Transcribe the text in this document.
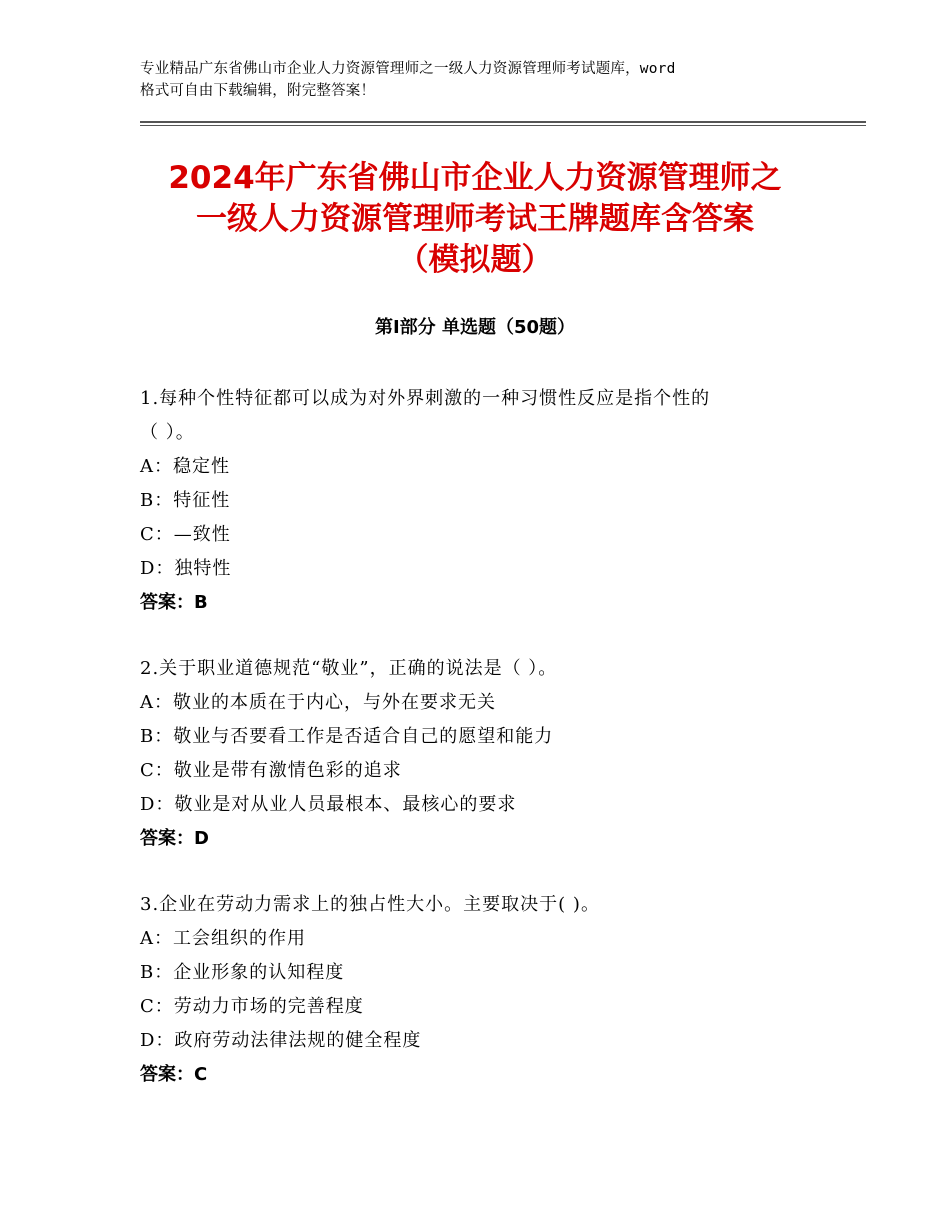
专业精品广东省佛山市企业人力资源管理师之一级人力资源管理师考试题库，word
格式可自由下载编辑，附完整答案！
2024年广东省佛山市企业人力资源管理师之
一级人力资源管理师考试王牌题库含答案
（模拟题）
第Ⅰ部分 单选题（50题）
1.每种个性特征都可以成为对外界刺激的一种习惯性反应是指个性的
（ ）。
A：稳定性
B：特征性
C：—致性
D：独特性
答案：B
2.关于职业道德规范“敬业”，正确的说法是（ ）。
A：敬业的本质在于内心，与外在要求无关
B：敬业与否要看工作是否适合自己的愿望和能力
C：敬业是带有激情色彩的追求
D：敬业是对从业人员最根本、最核心的要求
答案：D
3.企业在劳动力需求上的独占性大小。主要取决于( )。
A：工会组织的作用
B：企业形象的认知程度
C：劳动力市场的完善程度
D：政府劳动法律法规的健全程度
答案：C
